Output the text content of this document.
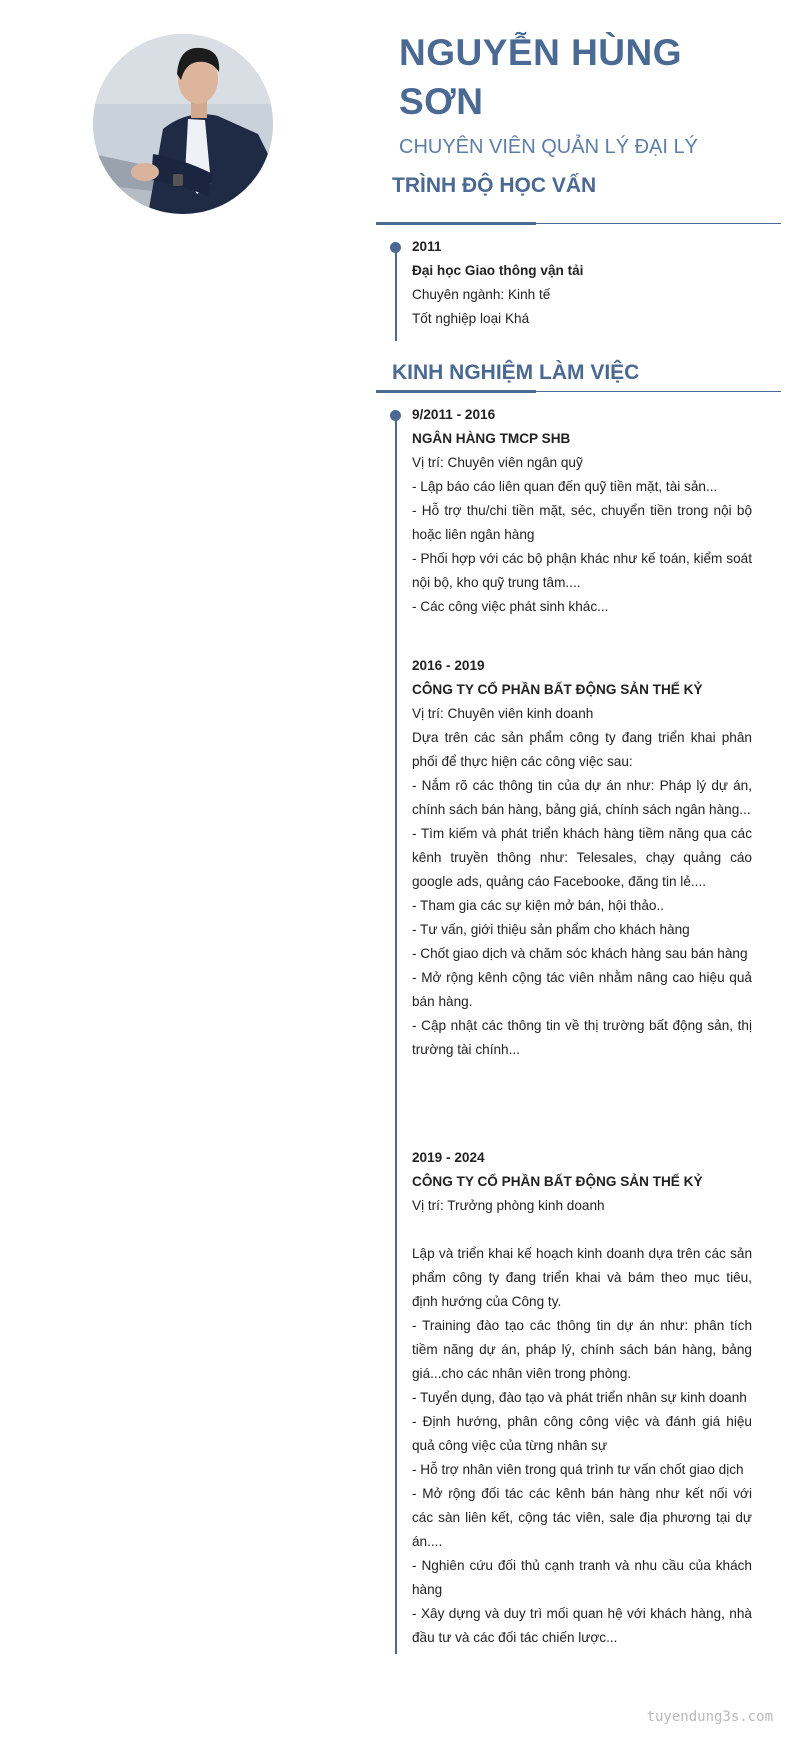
NGUYỄN HÙNG
SƠN

CHUYÊN VIÊN QUẢN LÝ ĐẠI LÝ

TRÌNH ĐỘ HỌC VẤN

2011

Đại học Giao thông vận tải

Chuyên ngành: Kinh tế

Tốt nghiệp loại Khá

KINH NGHIỆM LÀM VIỆC

9/2011 - 2016

NGÂN HÀNG TMCP SHB

Vị trí: Chuyên viên ngân quỹ

- Lập báo cáo liên quan đến quỹ tiền mặt, tài sản...

- Hỗ trợ thu/chi tiền mặt, séc, chuyển tiền trong nội bộ hoặc liên ngân hàng

- Phối hợp với các bộ phận khác như kế toán, kiểm soát nội bộ, kho quỹ trung tâm....

- Các công việc phát sinh khác...

2016 - 2019

CÔNG TY CỔ PHẦN BẤT ĐỘNG SẢN THẾ KỶ

Vị trí: Chuyên viên kinh doanh

Dựa trên các sản phẩm công ty đang triển khai phân phối để thực hiện các công việc sau:

- Nắm rõ các thông tin của dự án như: Pháp lý dự án, chính sách bán hàng, bảng giá, chính sách ngân hàng...

- Tìm kiếm và phát triển khách hàng tiềm năng qua các kênh truyền thông như: Telesales, chạy quảng cáo google ads, quảng cáo Facebooke, đăng tin lẻ....

- Tham gia các sự kiện mở bán, hội thảo..

- Tư vấn, giới thiệu sản phẩm cho khách hàng

- Chốt giao dịch và chăm sóc khách hàng sau bán hàng

- Mở rộng kênh cộng tác viên nhằm nâng cao hiệu quả bán hàng.

- Cập nhật các thông tin về thị trường bất động sản, thị trường tài chính...

2019 - 2024

CÔNG TY CỔ PHẦN BẤT ĐỘNG SẢN THẾ KỶ

Vị trí: Trưởng phòng kinh doanh

Lập và triển khai kế hoạch kinh doanh dựa trên các sản phẩm công ty đang triển khai và bám theo mục tiêu, định hướng của Công ty.

- Training đào tạo các thông tin dự án như: phân tích tiềm năng dự án, pháp lý, chính sách bán hàng, bảng giá...cho các nhân viên trong phòng.

- Tuyển dụng, đào tạo và phát triển nhân sự kinh doanh

- Định hướng, phân công công việc và đánh giá hiệu quả công việc của từng nhân sự

- Hỗ trợ nhân viên trong quá trình tư vấn chốt giao dịch

- Mở rộng đối tác các kênh bán hàng như kết nối với các sàn liên kết, cộng tác viên, sale địa phương tại dự án....

- Nghiên cứu đối thủ cạnh tranh và nhu cầu của khách hàng

- Xây dựng và duy trì mối quan hệ với khách hàng, nhà đầu tư và các đối tác chiến lược...

tuyendung3s.com
